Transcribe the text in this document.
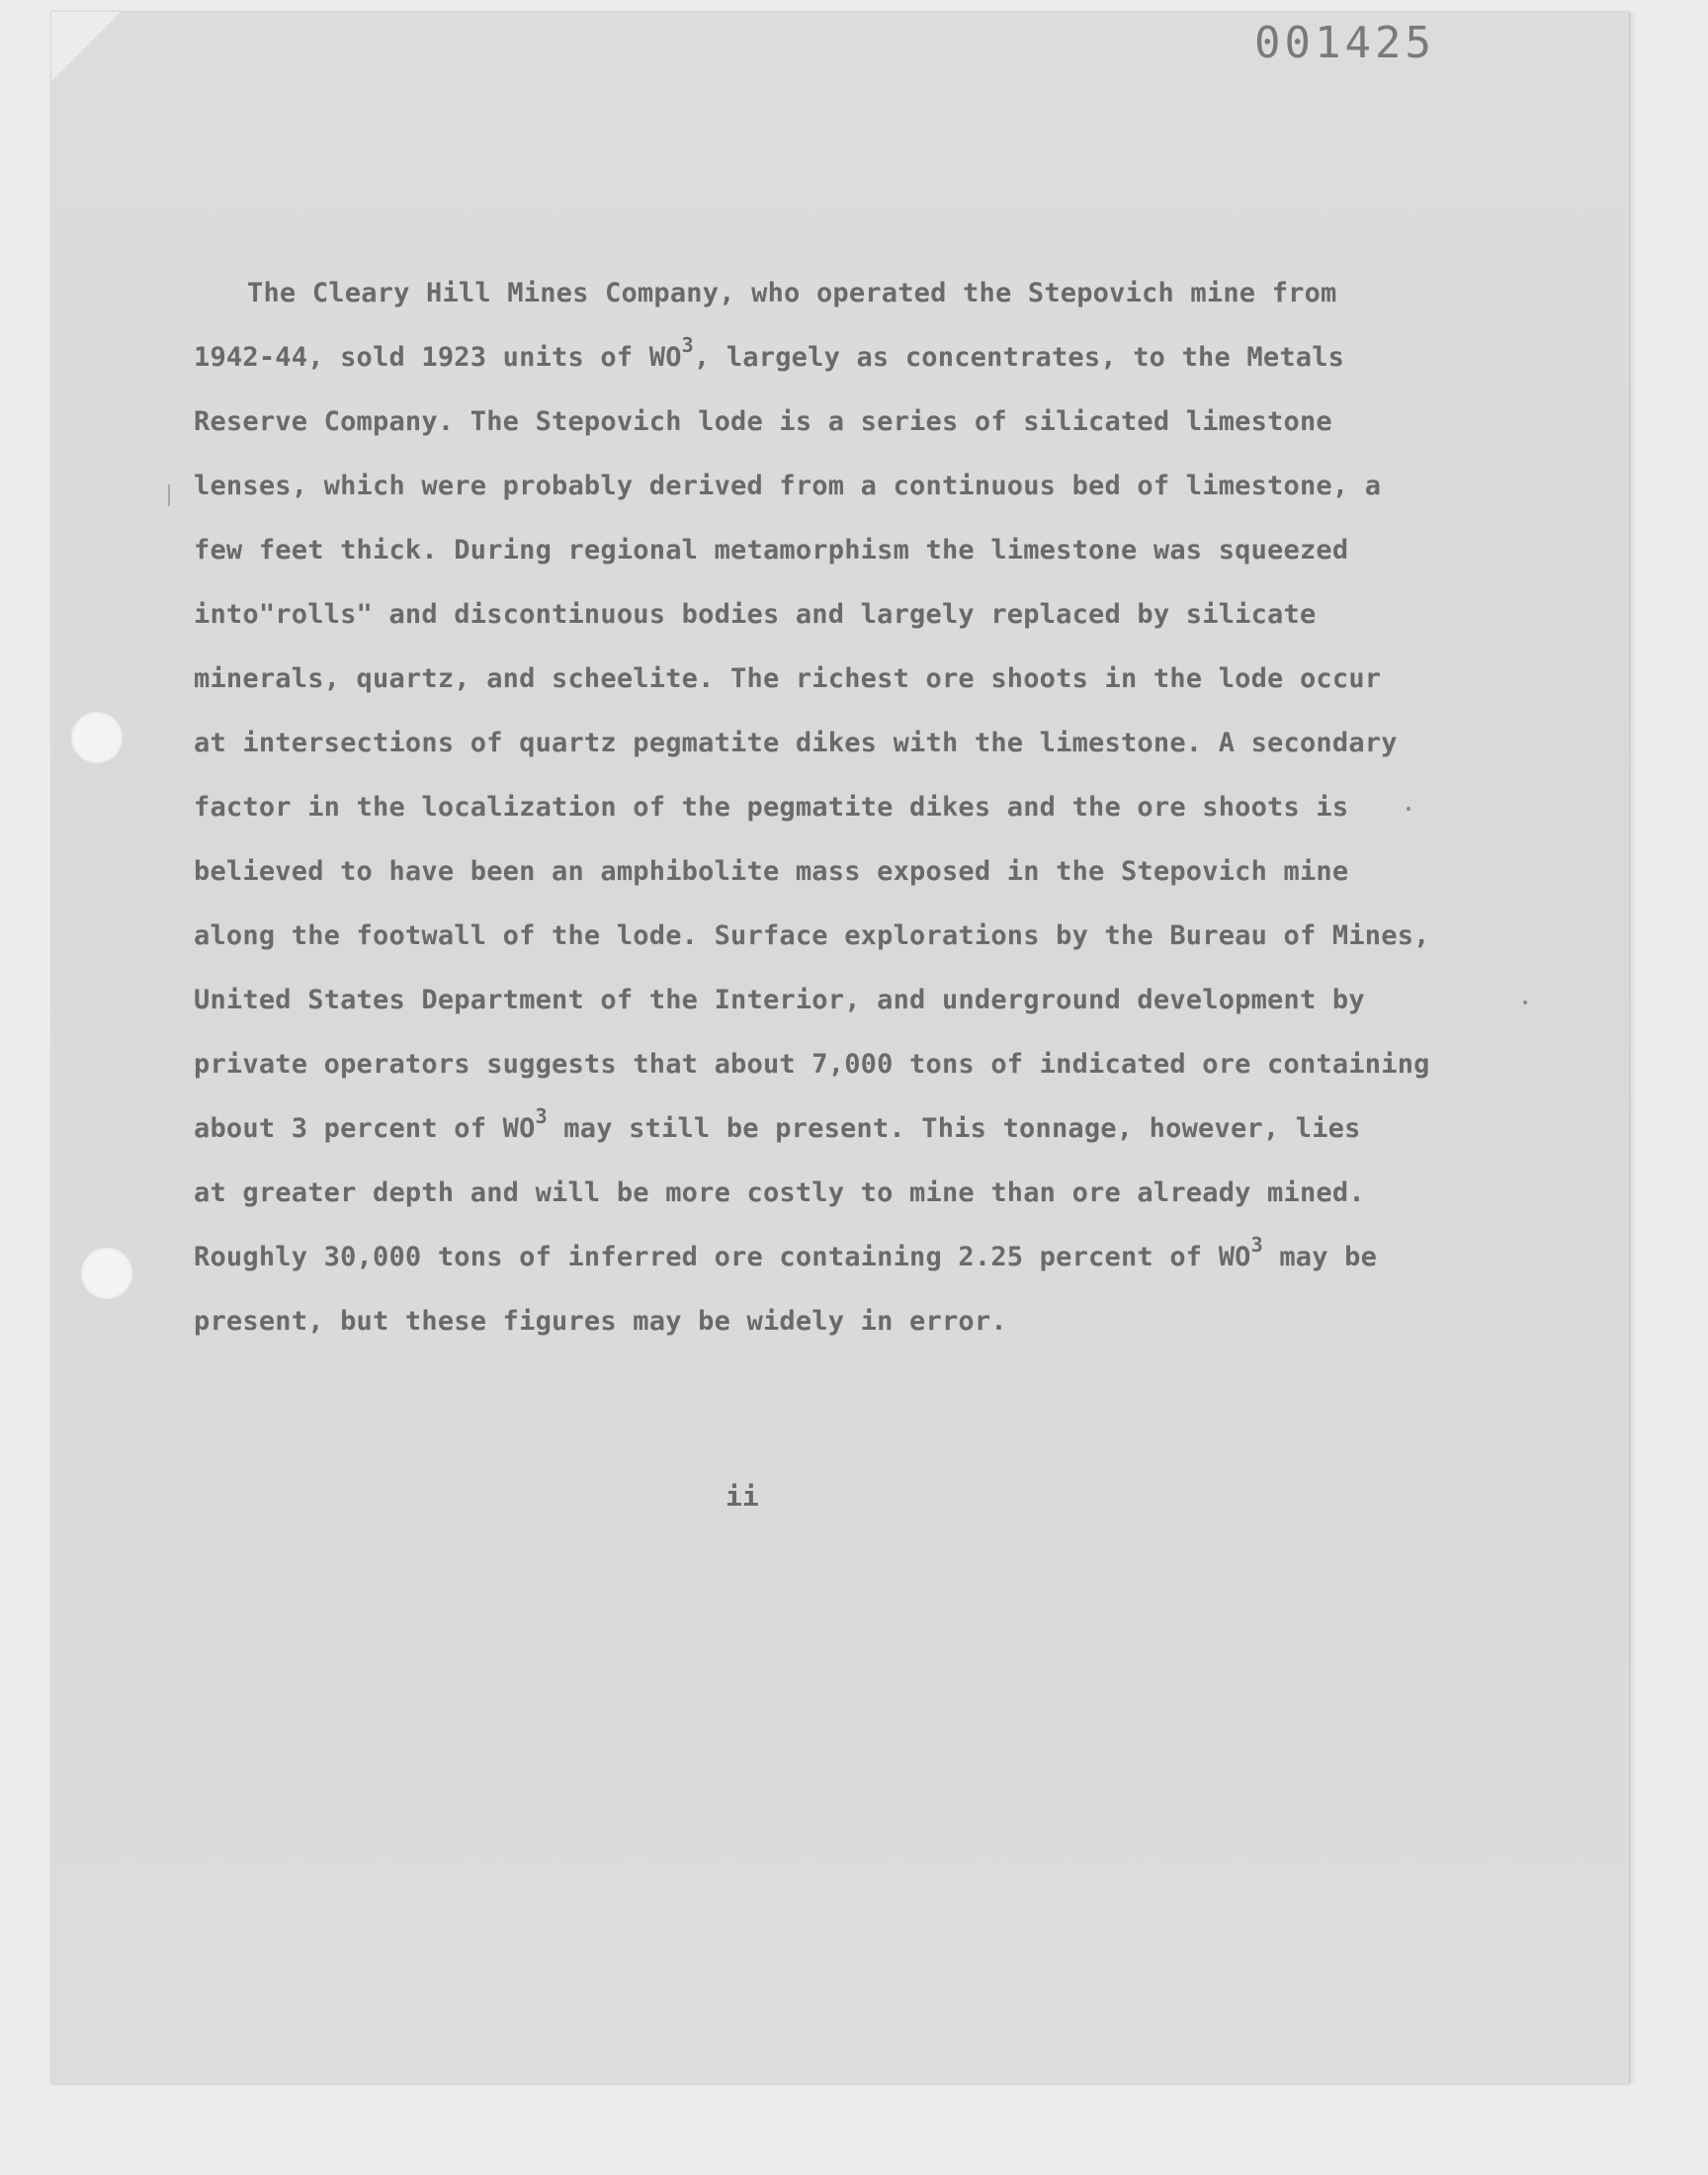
001425
The Cleary Hill Mines Company, who operated the Stepovich mine from
1942-44, sold 1923 units of $WO^3$, largely as concentrates, to the Metals
Reserve Company. The Stepovich lode is a series of silicated limestone
lenses, which were probably derived from a continuous bed of limestone, a
few feet thick. During regional metamorphism the limestone was squeezed
into"rolls" and discontinuous bodies and largely replaced by silicate
minerals, quartz, and scheelite. The richest ore shoots in the lode occur
at intersections of quartz pegmatite dikes with the limestone. A secondary
factor in the localization of the pegmatite dikes and the ore shoots is
believed to have been an amphibolite mass exposed in the Stepovich mine
along the footwall of the lode. Surface explorations by the Bureau of Mines,
United States Department of the Interior, and underground development by
private operators suggests that about 7,000 tons of indicated ore containing
about 3 percent of $WO^3$ may still be present. This tonnage, however, lies
at greater depth and will be more costly to mine than ore already mined.
Roughly 30,000 tons of inferred ore containing 2.25 percent of $WO^3$ may be
present, but these figures may be widely in error.
ii
